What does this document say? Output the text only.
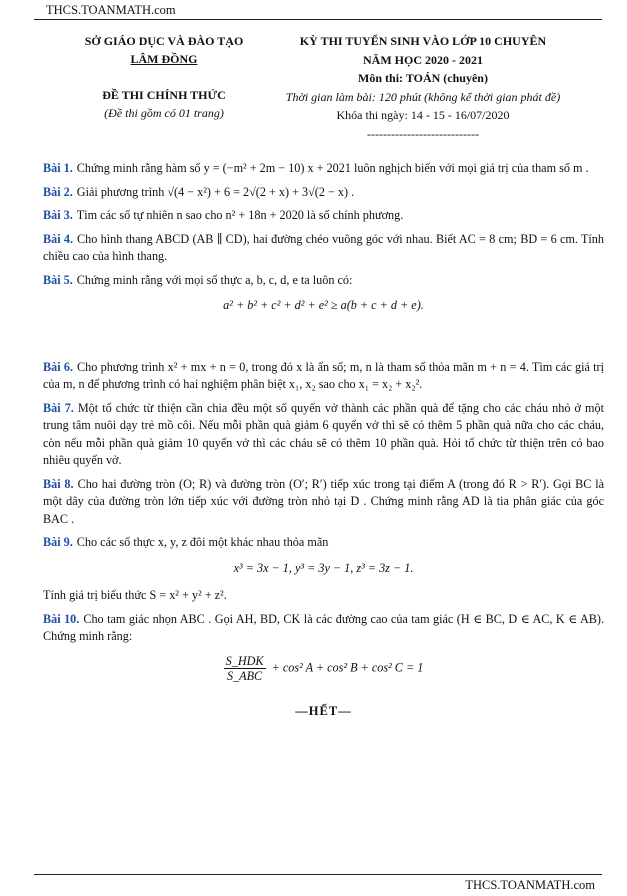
THCS.TOANMATH.com
SỞ GIÁO DỤC VÀ ĐÀO TẠO
LÂM ĐỒNG
ĐỀ THI CHÍNH THỨC
(Đề thi gồm có 01 trang)
KỲ THI TUYỂN SINH VÀO LỚP 10 CHUYÊN
NĂM HỌC 2020 - 2021
Môn thi: TOÁN (chuyên)
Thời gian làm bài: 120 phút (không kể thời gian phát đề)
Khóa thi ngày: 14 - 15 - 16/07/2020
----------------------------
Bài 1. Chứng minh rằng hàm số y = (−m² + 2m − 10) x + 2021 luôn nghịch biến với mọi giá trị của tham số m .
Bài 2. Giải phương trình √(4 − x²) + 6 = 2√(2 + x) + 3√(2 − x) .
Bài 3. Tìm các số tự nhiên n sao cho n² + 18n + 2020 là số chính phương.
Bài 4. Cho hình thang ABCD (AB ∥ CD), hai đường chéo vuông góc với nhau. Biết AC = 8 cm; BD = 6 cm. Tính chiều cao của hình thang.
Bài 5. Chứng minh rằng với mọi số thực a, b, c, d, e ta luôn có:
a² + b² + c² + d² + e² ≥ a(b + c + d + e).
Bài 6. Cho phương trình x² + mx + n = 0, trong đó x là ẩn số; m, n là tham số thỏa mãn m + n = 4. Tìm các giá trị của m, n để phương trình có hai nghiệm phân biệt x₁, x₂ sao cho x₁ = x₂ + x₂².
Bài 7. Một tổ chức từ thiện cần chia đều một số quyển vở thành các phần quà để tặng cho các cháu nhỏ ở một trung tâm nuôi dạy trẻ mồ côi. Nếu mỗi phần quà giảm 6 quyển vở thì sẽ có thêm 5 phần quà nữa cho các cháu, còn nếu mỗi phần quà giảm 10 quyển vở thì các cháu sẽ có thêm 10 phần quà. Hỏi tổ chức từ thiện trên có bao nhiêu quyển vở.
Bài 8. Cho hai đường tròn (O; R) và đường tròn (O′; R′) tiếp xúc trong tại điểm A (trong đó R > R′). Gọi BC là một dây của đường tròn lớn tiếp xúc với đường tròn nhỏ tại D . Chứng minh rằng AD là tia phân giác của góc BAC .
Bài 9. Cho các số thực x, y, z đôi một khác nhau thỏa mãn
x³ = 3x − 1, y³ = 3y − 1, z³ = 3z − 1.
Tính giá trị biểu thức S = x² + y² + z².
Bài 10. Cho tam giác nhọn ABC . Gọi AH, BD, CK là các đường cao của tam giác (H ∈ BC, D ∈ AC, K ∈ AB). Chứng minh rằng:
$\frac{\text{S\_HDK}}{\text{S\_ABC}} + \cos^2$ A + cos² B + cos² C = 1
—HẾT—
THCS.TOANMATH.com
